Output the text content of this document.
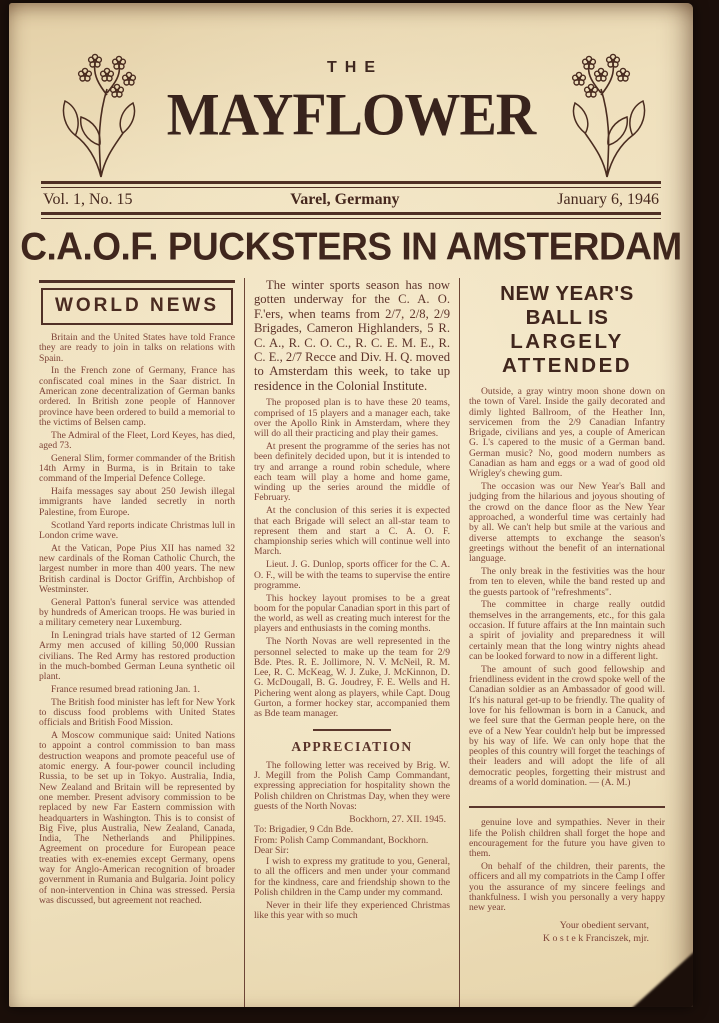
THE
MAYFLOWER
Vol. 1, No. 15	Varel, Germany	January 6, 1946
C.A.O.F. PUCKSTERS IN AMSTERDAM
WORLD NEWS

Britain and the United States have told France they are ready to join in talks on relations with Spain.

In the French zone of Germany, France has confiscated coal mines in the Saar district. In American zone decentralization of German banks ordered. In British zone people of Hannover province have been ordered to build a memorial to the victims of Belsen camp.

The Admiral of the Fleet, Lord Keyes, has died, aged 73.

General Slim, former commander of the British 14th Army in Burma, is in Britain to take command of the Imperial Defence College.

Haifa messages say about 250 Jewish illegal immigrants have landed secretly in north Palestine, from Europe.

Scotland Yard reports indicate Christmas lull in London crime wave.

At the Vatican, Pope Pius XII has named 32 new cardinals of the Roman Catholic Church, the largest number in more than 400 years. The new British cardinal is Doctor Griffin, Archbishop of Westminster.

General Patton's funeral service was attended by hundreds of American troops. He was buried in a military cemetery near Luxemburg.

In Leningrad trials have started of 12 German Army men accused of killing 50,000 Russian civilians. The Red Army has restored production in the much-bombed German Leuna synthetic oil plant.

France resumed bread rationing Jan. 1.

The British food minister has left for New York to discuss food problems with United States officials and British Food Mission.

A Moscow communique said: United Nations to appoint a control commission to ban mass destruction weapons and promote peaceful use of atomic energy. A four-power council including Russia, to be set up in Tokyo. Australia, India, New Zealand and Britain will be represented by one member. Present advisory commission to be replaced by new Far Eastern commission with headquarters in Washington. This is to consist of Big Five, plus Australia, New Zealand, Canada, India, The Netherlands and Philippines. Agreement on procedure for European peace treaties with ex-enemies except Germany, opens way for Anglo-American recognition of broader government in Rumania and Bulgaria. Joint policy of non-intervention in China was stressed. Persia was discussed, but agreement not reached.

The winter sports season has now gotten underway for the C. A. O. F.'ers, when teams from 2/7, 2/8, 2/9 Brigades, Cameron Highlanders, 5 R. C. A., R. C. O. C., R. C. E. M. E., R. C. E., 2/7 Recce and Div. H. Q. moved to Amsterdam this week, to take up residence in the Colonial Institute.

The proposed plan is to have these 20 teams, comprised of 15 players and a manager each, take over the Apollo Rink in Amsterdam, where they will do all their practicing and play their games.

At present the programme of the series has not been definitely decided upon, but it is intended to try and arrange a round robin schedule, where each team will play a home and home game, winding up the series around the middle of February.

At the conclusion of this series it is expected that each Brigade will select an all-star team to represent them and start a C. A. O. F. championship series which will continue well into March.

Lieut. J. G. Dunlop, sports officer for the C. A. O. F., will be with the teams to supervise the entire programme.

This hockey layout promises to be a great boom for the popular Canadian sport in this part of the world, as well as creating much interest for the players and enthusiasts in the coming months.

The North Novas are well represented in the personnel selected to make up the team for 2/9 Bde. Ptes. R. E. Jollimore, N. V. McNeil, R. M. Lee, R. C. McKeag, W. J. Zuke, J. McKinnon, D. G. McDougall, B. G. Joudrey, F. E. Wells and H. Pichering went along as players, while Capt. Doug Gurton, a former hockey star, accompanied them as Bde team manager.

APPRECIATION

The following letter was received by Brig. W. J. Megill from the Polish Camp Commandant, expressing appreciation for hospitality shown the Polish children on Christmas Day, when they were guests of the North Novas:

Bockhorn, 27. XII. 1945.
To: Brigadier, 9 Cdn Bde.
From: Polish Camp Commandant, Bockhorn.
Dear Sir:

I wish to express my gratitude to you, General, to all the officers and men under your command for the kindness, care and friendship shown to the Polish children in the Camp under my command.

Never in their life they experienced Christmas like this year with so much

NEW YEAR'S BALL IS
LARGELY ATTENDED

Outside, a gray wintry moon shone down on the town of Varel. Inside the gaily decorated and dimly lighted Ballroom, of the Heather Inn, servicemen from the 2/9 Canadian Infantry Brigade, civilians and yes, a couple of American G. I.'s capered to the music of a German band. German music? No, good modern numbers as Canadian as ham and eggs or a wad of good old Wrigley's chewing gum.

The occasion was our New Year's Ball and judging from the hilarious and joyous shouting of the crowd on the dance floor as the New Year approached, a wonderful time was certainly had by all. We can't help but smile at the various and diverse attempts to exchange the season's greetings without the benefit of an international language.

The only break in the festivities was the hour from ten to eleven, while the band rested up and the guests partook of "refreshments".

The committee in charge really outdid themselves in the arrangements, etc., for this gala occasion. If future affairs at the Inn maintain such a spirit of joviality and preparedness it will certainly mean that the long wintry nights ahead can be looked forward to now in a different light.

The amount of such good fellowship and friendliness evident in the crowd spoke well of the Canadian soldier as an Ambassador of good will. It's his natural get-up to be friendly. The quality of love for his fellowman is born in a Canuck, and we feel sure that the German people here, on the eve of a New Year couldn't help but be impressed by his way of life. We can only hope that the peoples of this country will forget the teachings of their leaders and will adopt the life of all democratic peoples, forgetting their mistrust and dreams of a world domination. — (A. M.)

genuine love and sympathies. Never in their life the Polish children shall forget the hope and encouragement for the future you have given to them.

On behalf of the children, their parents, the officers and all my compatriots in the Camp I offer you the assurance of my sincere feelings and thankfulness. I wish you personally a very happy new year.

Your obedient servant,
K o s t e k Franciszek, mjr.
